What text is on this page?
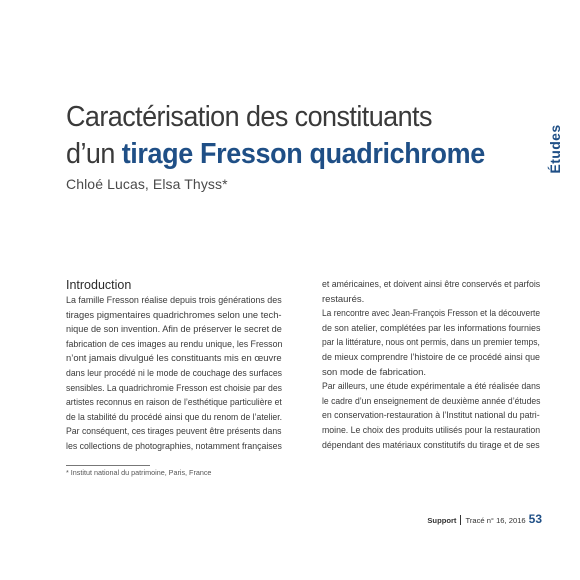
Caractérisation des constituants
d’un tirage Fresson quadrichrome	Études
Chloé Lucas, Elsa Thyss*
Introduction
La famille Fresson réalise depuis trois générations des
tirages pigmentaires quadrichromes selon une tech-
nique de son invention. Afin de préserver le secret de
fabrication de ces images au rendu unique, les Fresson
n’ont jamais divulgué les constituants mis en œuvre
dans leur procédé ni le mode de couchage des surfaces
sensibles. La quadrichromie Fresson est choisie par des
artistes reconnus en raison de l’esthétique particulière et
de la stabilité du procédé ainsi que du renom de l’atelier.
Par conséquent, ces tirages peuvent être présents dans
les collections de photographies, notamment françaises
et américaines, et doivent ainsi être conservés et parfois
restaurés.
La rencontre avec Jean-François Fresson et la découverte
de son atelier, complétées par les informations fournies
par la littérature, nous ont permis, dans un premier temps,
de mieux comprendre l’histoire de ce procédé ainsi que
son mode de fabrication.
Par ailleurs, une étude expérimentale a été réalisée dans
le cadre d’un enseignement de deuxième année d’études
en conservation-restauration à l’Institut national du patri-
moine. Le choix des produits utilisés pour la restauration
dépendant des matériaux constitutifs du tirage et de ses
* Institut national du patrimoine, Paris, France
Support Tracé n° 16, 2016 53
